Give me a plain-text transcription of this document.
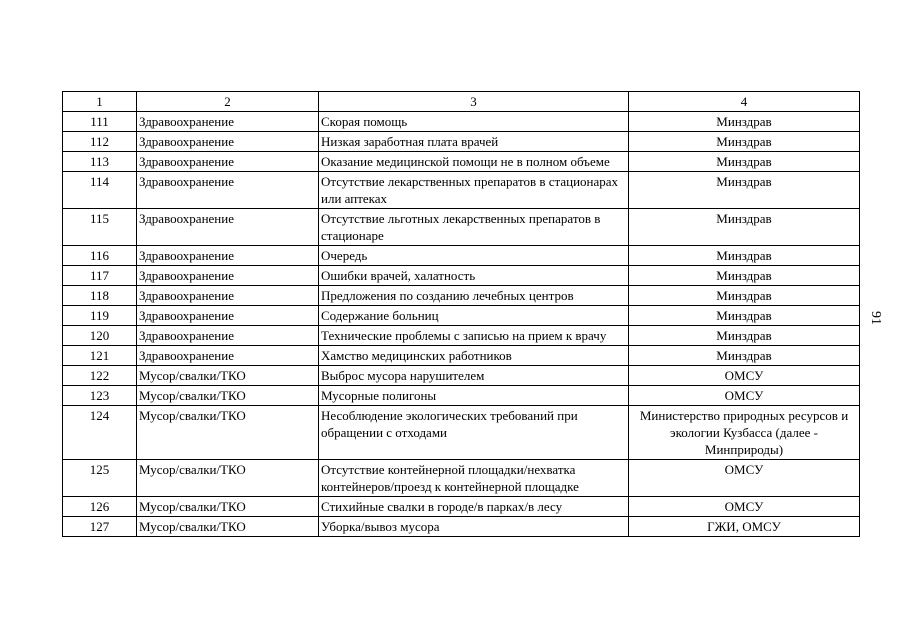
1	2	3	4
111	Здравоохранение	Скорая помощь	Минздрав
112	Здравоохранение	Низкая заработная плата врачей	Минздрав
113	Здравоохранение	Оказание медицинской помощи не в полном объеме	Минздрав
114	Здравоохранение	Отсутствие лекарственных препаратов в стационарах или аптеках	Минздрав
115	Здравоохранение	Отсутствие льготных лекарственных препаратов в стационаре	Минздрав
116	Здравоохранение	Очередь	Минздрав
117	Здравоохранение	Ошибки врачей, халатность	Минздрав
118	Здравоохранение	Предложения по созданию лечебных центров	Минздрав
119	Здравоохранение	Содержание больниц	Минздрав
120	Здравоохранение	Технические проблемы с записью на прием к врачу	Минздрав
121	Здравоохранение	Хамство медицинских работников	Минздрав
122	Мусор/свалки/ТКО	Выброс мусора нарушителем	ОМСУ
123	Мусор/свалки/ТКО	Мусорные полигоны	ОМСУ
124	Мусор/свалки/ТКО	Несоблюдение экологических требований при обращении с отходами	Министерство природных ресурсов и экологии Кузбасса (далее - Минприроды)
125	Мусор/свалки/ТКО	Отсутствие контейнерной площадки/нехватка контейнеров/проезд к контейнерной площадке	ОМСУ
126	Мусор/свалки/ТКО	Стихийные свалки в городе/в парках/в лесу	ОМСУ
127	Мусор/свалки/ТКО	Уборка/вывоз мусора	ГЖИ, ОМСУ
91
